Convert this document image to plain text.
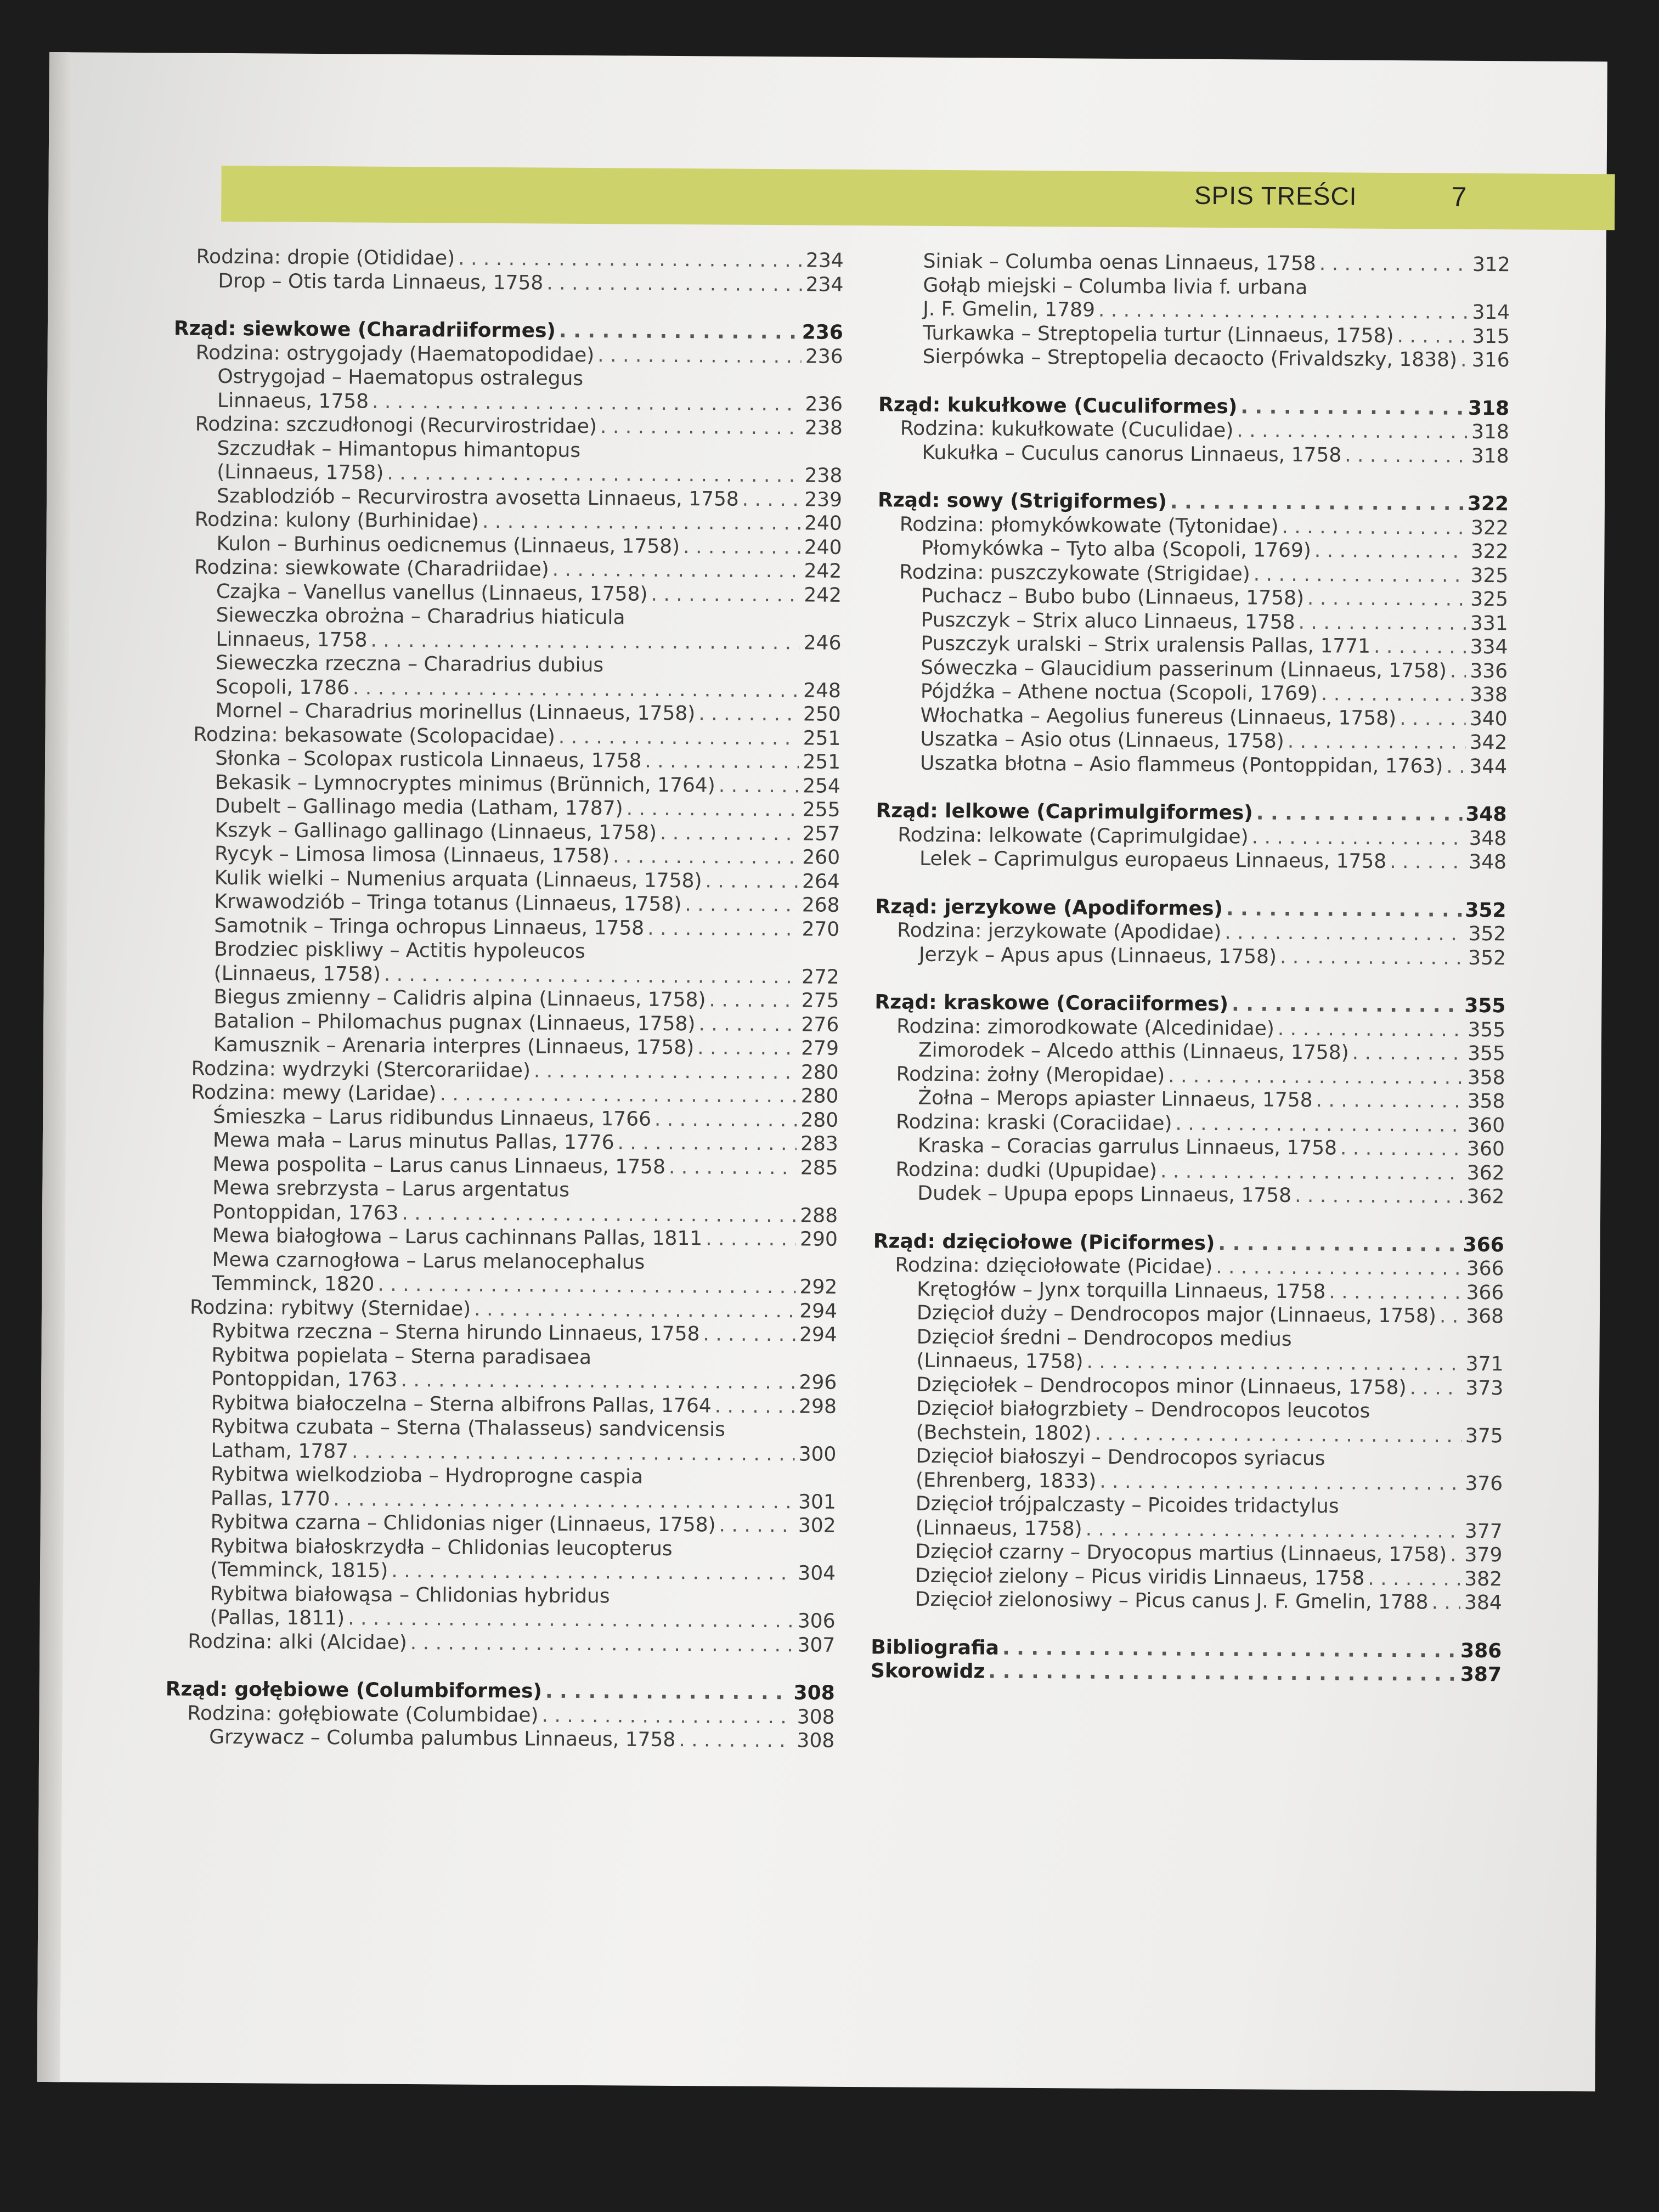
SPIS TREŚCI	7
Rodzina: dropie (Otididae) . . .	234
Drop – Otis tarda Linnaeus, 1758 . . .	234
Rząd: siewkowe (Charadriiformes) . . .	236
Rodzina: ostrygojady (Haematopodidae) . . .	236
Ostrygojad – Haematopus ostralegus
Linnaeus, 1758 . . .	236
Rodzina: szczudłonogi (Recurvirostridae) . . .	238
Szczudłak – Himantopus himantopus
(Linnaeus, 1758) . . .	238
Szablodziób – Recurvirostra avosetta Linnaeus, 1758 . . .	239
Rodzina: kulony (Burhinidae) . . .	240
Kulon – Burhinus oedicnemus (Linnaeus, 1758) . . .	240
Rodzina: siewkowate (Charadriidae) . . .	242
Czajka – Vanellus vanellus (Linnaeus, 1758) . . .	242
Sieweczka obrożna – Charadrius hiaticula
Linnaeus, 1758 . . .	246
Sieweczka rzeczna – Charadrius dubius
Scopoli, 1786 . . .	248
Mornel – Charadrius morinellus (Linnaeus, 1758) . . .	250
Rodzina: bekasowate (Scolopacidae) . . .	251
Słonka – Scolopax rusticola Linnaeus, 1758 . . .	251
Bekasik – Lymnocryptes minimus (Brünnich, 1764) . . .	254
Dubelt – Gallinago media (Latham, 1787) . . .	255
Kszyk – Gallinago gallinago (Linnaeus, 1758) . . .	257
Rycyk – Limosa limosa (Linnaeus, 1758) . . .	260
Kulik wielki – Numenius arquata (Linnaeus, 1758) . . .	264
Krwawodziób – Tringa totanus (Linnaeus, 1758) . . .	268
Samotnik – Tringa ochropus Linnaeus, 1758 . . .	270
Brodziec piskliwy – Actitis hypoleucos
(Linnaeus, 1758) . . .	272
Biegus zmienny – Calidris alpina (Linnaeus, 1758) . . .	275
Batalion – Philomachus pugnax (Linnaeus, 1758) . . .	276
Kamusznik – Arenaria interpres (Linnaeus, 1758) . . .	279
Rodzina: wydrzyki (Stercorariidae) . . .	280
Rodzina: mewy (Laridae) . . .	280
Śmieszka – Larus ridibundus Linnaeus, 1766 . . .	280
Mewa mała – Larus minutus Pallas, 1776 . . .	283
Mewa pospolita – Larus canus Linnaeus, 1758 . . .	285
Mewa srebrzysta – Larus argentatus
Pontoppidan, 1763 . . .	288
Mewa białogłowa – Larus cachinnans Pallas, 1811 . . .	290
Mewa czarnogłowa – Larus melanocephalus
Temminck, 1820 . . .	292
Rodzina: rybitwy (Sternidae) . . .	294
Rybitwa rzeczna – Sterna hirundo Linnaeus, 1758 . . .	294
Rybitwa popielata – Sterna paradisaea
Pontoppidan, 1763 . . .	296
Rybitwa białoczelna – Sterna albifrons Pallas, 1764 . . .	298
Rybitwa czubata – Sterna (Thalasseus) sandvicensis
Latham, 1787 . . .	300
Rybitwa wielkodzioba – Hydroprogne caspia
Pallas, 1770 . . .	301
Rybitwa czarna – Chlidonias niger (Linnaeus, 1758) . . .	302
Rybitwa białoskrzydła – Chlidonias leucopterus
(Temminck, 1815) . . .	304
Rybitwa białowąsa – Chlidonias hybridus
(Pallas, 1811) . . .	306
Rodzina: alki (Alcidae) . . .	307
Rząd: gołębiowe (Columbiformes) . . .	308
Rodzina: gołębiowate (Columbidae) . . .	308
Grzywacz – Columba palumbus Linnaeus, 1758 . . .	308
Siniak – Columba oenas Linnaeus, 1758 . . .	312
Gołąb miejski – Columba livia f. urbana
J. F. Gmelin, 1789 . . .	314
Turkawka – Streptopelia turtur (Linnaeus, 1758) . . .	315
Sierpówka – Streptopelia decaocto (Frivaldszky, 1838) . . . 316
Rząd: kukułkowe (Cuculiformes) . . .	318
Rodzina: kukułkowate (Cuculidae) . . .	318
Kukułka – Cuculus canorus Linnaeus, 1758 . . .	318
Rząd: sowy (Strigiformes) . . .	322
Rodzina: płomykówkowate (Tytonidae) . . .	322
Płomykówka – Tyto alba (Scopoli, 1769) . . .	322
Rodzina: puszczykowate (Strigidae) . . .	325
Puchacz – Bubo bubo (Linnaeus, 1758) . . .	325
Puszczyk – Strix aluco Linnaeus, 1758 . . .	331
Puszczyk uralski – Strix uralensis Pallas, 1771 . . .	334
Sóweczka – Glaucidium passerinum (Linnaeus, 1758) . . . 336
Pójdźka – Athene noctua (Scopoli, 1769) . . .	338
Włochatka – Aegolius funereus (Linnaeus, 1758) . . .	340
Uszatka – Asio otus (Linnaeus, 1758) . . .	342
Uszatka błotna – Asio flammeus (Pontoppidan, 1763) . . . 344
Rząd: lelkowe (Caprimulgiformes) . . .	348
Rodzina: lelkowate (Caprimulgidae) . . .	348
Lelek – Caprimulgus europaeus Linnaeus, 1758 . . .	348
Rząd: jerzykowe (Apodiformes) . . .	352
Rodzina: jerzykowate (Apodidae) . . .	352
Jerzyk – Apus apus (Linnaeus, 1758) . . .	352
Rząd: kraskowe (Coraciiformes) . . .	355
Rodzina: zimorodkowate (Alcedinidae) . . .	355
Zimorodek – Alcedo atthis (Linnaeus, 1758) . . .	355
Rodzina: żołny (Meropidae) . . .	358
Żołna – Merops apiaster Linnaeus, 1758 . . .	358
Rodzina: kraski (Coraciidae) . . .	360
Kraska – Coracias garrulus Linnaeus, 1758 . . .	360
Rodzina: dudki (Upupidae) . . .	362
Dudek – Upupa epops Linnaeus, 1758 . . .	362
Rząd: dzięciołowe (Piciformes) . . .	366
Rodzina: dzięciołowate (Picidae) . . .	366
Krętogłów – Jynx torquilla Linnaeus, 1758 . . .	366
Dzięcioł duży – Dendrocopos major (Linnaeus, 1758) . . . 368
Dzięcioł średni – Dendrocopos medius
(Linnaeus, 1758) . . .	371
Dzięciołek – Dendrocopos minor (Linnaeus, 1758) . . .	373
Dzięcioł białogrzbiety – Dendrocopos leucotos
(Bechstein, 1802) . . .	375
Dzięcioł białoszyi – Dendrocopos syriacus
(Ehrenberg, 1833) . . .	376
Dzięcioł trójpalczasty – Picoides tridactylus
(Linnaeus, 1758) . . .	377
Dzięcioł czarny – Dryocopus martius (Linnaeus, 1758) . . . 379
Dzięcioł zielony – Picus viridis Linnaeus, 1758 . . .	382
Dzięcioł zielonosiwy – Picus canus J. F. Gmelin, 1788 . . . 384
Bibliografia . . .	386
Skorowidz . . .	387
